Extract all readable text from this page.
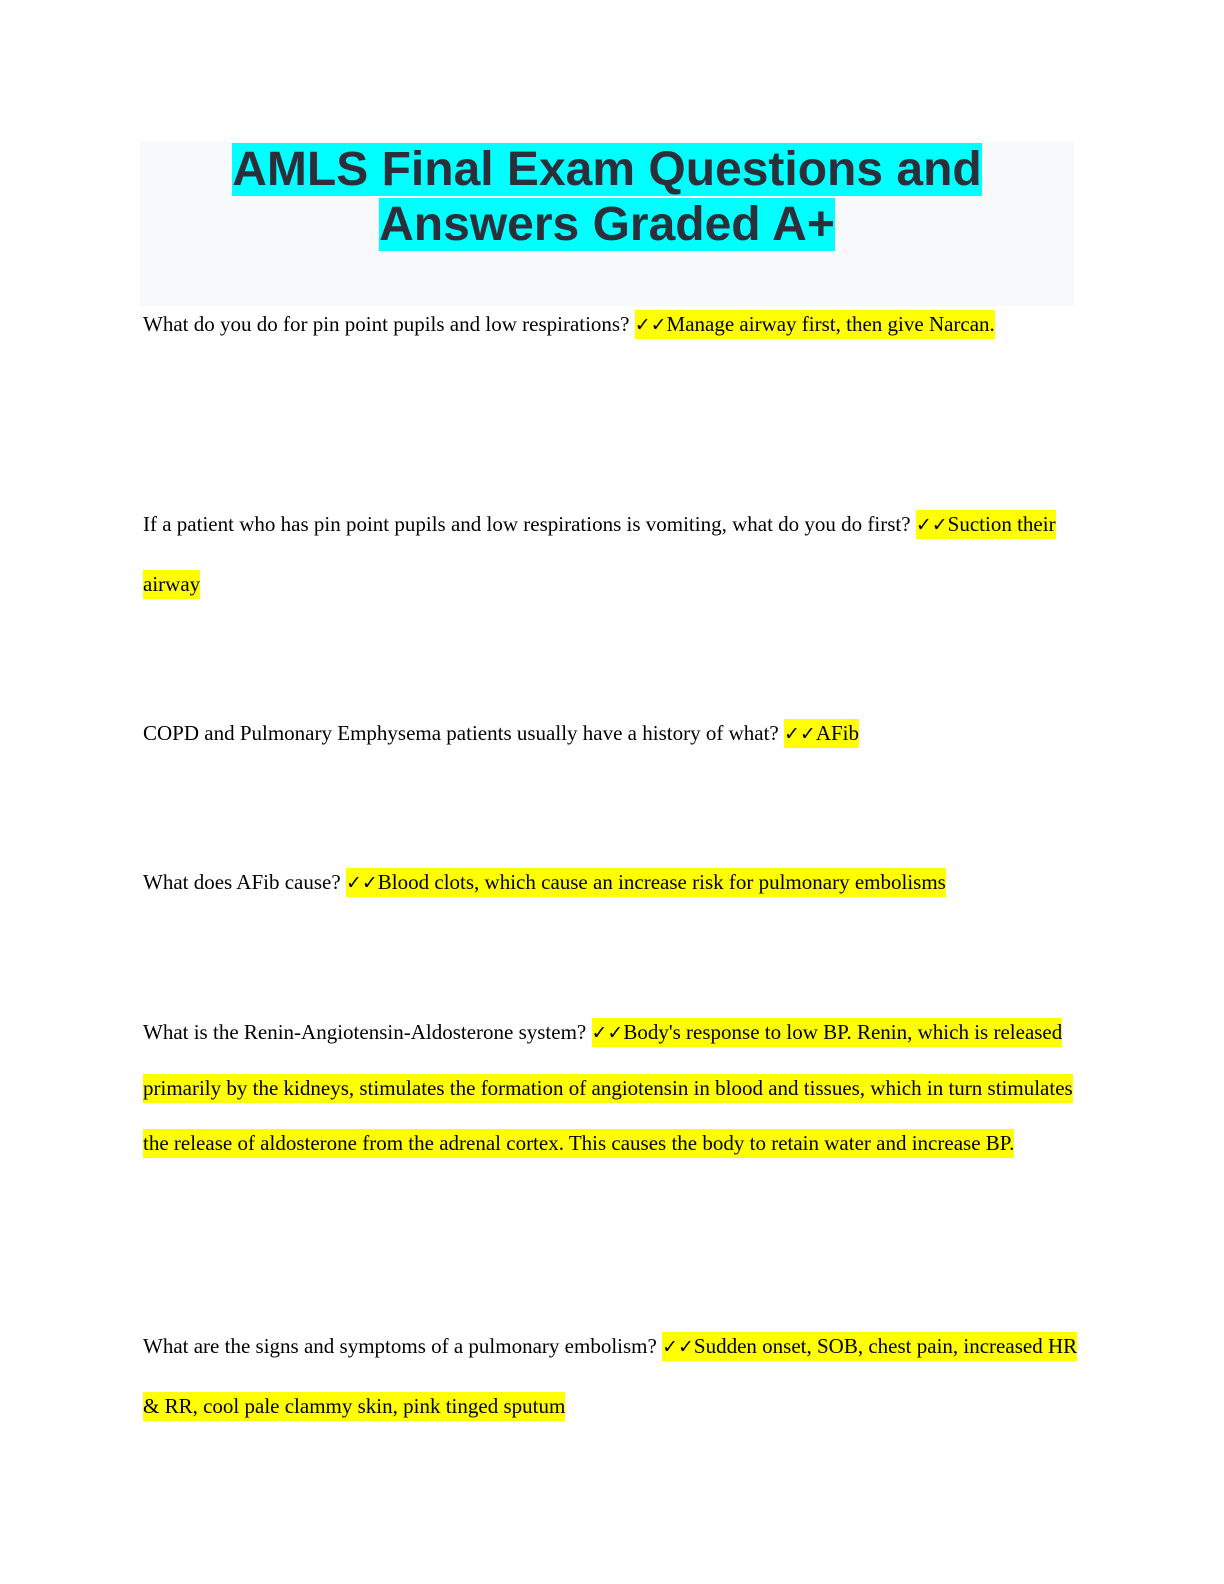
AMLS Final Exam Questions and
Answers Graded A+

What do you do for pin point pupils and low respirations? ✓✓Manage airway first, then give Narcan.

If a patient who has pin point pupils and low respirations is vomiting, what do you do first? ✓✓Suction their airway

COPD and Pulmonary Emphysema patients usually have a history of what? ✓✓AFib

What does AFib cause? ✓✓Blood clots, which cause an increase risk for pulmonary embolisms

What is the Renin-Angiotensin-Aldosterone system? ✓✓Body's response to low BP. Renin, which is released primarily by the kidneys, stimulates the formation of angiotensin in blood and tissues, which in turn stimulates the release of aldosterone from the adrenal cortex. This causes the body to retain water and increase BP.

What are the signs and symptoms of a pulmonary embolism? ✓✓Sudden onset, SOB, chest pain, increased HR & RR, cool pale clammy skin, pink tinged sputum
